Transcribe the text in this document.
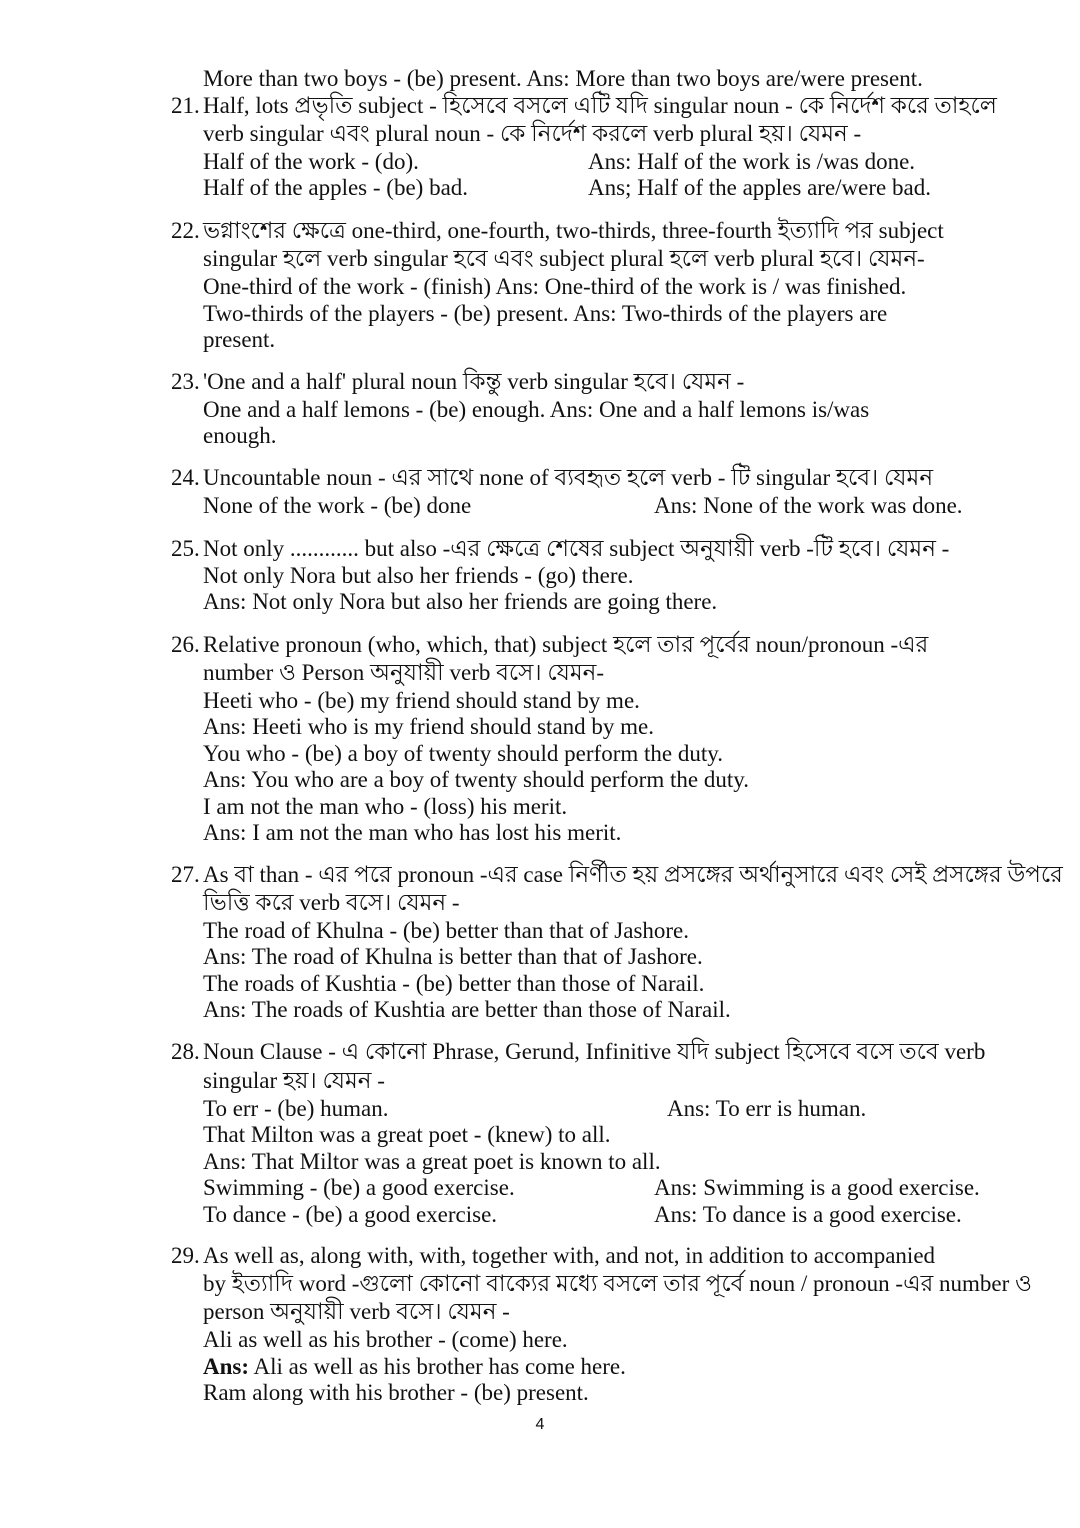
More than two boys - (be) present. Ans: More than two boys are/were present.
21. Half, lots প্রভৃতি subject - হিসেবে বসলে এটি যদি singular noun - কে নির্দেশ করে তাহলে
verb singular এবং plural noun - কে নির্দেশ করলে verb plural হয়। যেমন -
Half of the work - (do).	Ans: Half of the work is /was done.
Half of the apples - (be) bad.	Ans; Half of the apples are/were bad.
22. ভগ্নাংশের ক্ষেত্রে one-third, one-fourth, two-thirds, three-fourth ইত্যাদি পর subject
singular হলে verb singular হবে এবং subject plural হলে verb plural হবে। যেমন-
One-third of the work - (finish) Ans: One-third of the work is / was finished.
Two-thirds of the players - (be) present. Ans: Two-thirds of the players are
present.
23. 'One and a half' plural noun কিন্তু verb singular হবে। যেমন -
One and a half lemons - (be) enough. Ans: One and a half lemons is/was
enough.
24. Uncountable noun - এর সাথে none of ব্যবহৃত হলে verb - টি singular হবে। যেমন
None of the work - (be) done	Ans: None of the work was done.
25. Not only ............ but also -এর ক্ষেত্রে শেষের subject অনুযায়ী verb -টি হবে। যেমন -
Not only Nora but also her friends - (go) there.
Ans: Not only Nora but also her friends are going there.
26. Relative pronoun (who, which, that) subject হলে তার পূর্বের noun/pronoun -এর
number ও Person অনুযায়ী verb বসে। যেমন-
Heeti who - (be) my friend should stand by me.
Ans: Heeti who is my friend should stand by me.
You who - (be) a boy of twenty should perform the duty.
Ans: You who are a boy of twenty should perform the duty.
I am not the man who - (loss) his merit.
Ans: I am not the man who has lost his merit.
27. As বা than - এর পরে pronoun -এর case নির্ণীত হয় প্রসঙ্গের অর্থানুসারে এবং সেই প্রসঙ্গের উপরে
ভিত্তি করে verb বসে। যেমন -
The road of Khulna - (be) better than that of Jashore.
Ans: The road of Khulna is better than that of Jashore.
The roads of Kushtia - (be) better than those of Narail.
Ans: The roads of Kushtia are better than those of Narail.
28. Noun Clause - এ কোনো Phrase, Gerund, Infinitive যদি subject হিসেবে বসে তবে verb
singular হয়। যেমন -
To err - (be) human.	Ans: To err is human.
That Milton was a great poet - (knew) to all.
Ans: That Miltor was a great poet is known to all.
Swimming - (be) a good exercise.	Ans: Swimming is a good exercise.
To dance - (be) a good exercise.	Ans: To dance is a good exercise.
29. As well as, along with, with, together with, and not, in addition to accompanied
by ইত্যাদি word -গুলো কোনো বাক্যের মধ্যে বসলে তার পূর্বে noun / pronoun -এর number ও
person অনুযায়ী verb বসে। যেমন -
Ali as well as his brother - (come) here.
Ans: Ali as well as his brother has come here.
Ram along with his brother - (be) present.
4
